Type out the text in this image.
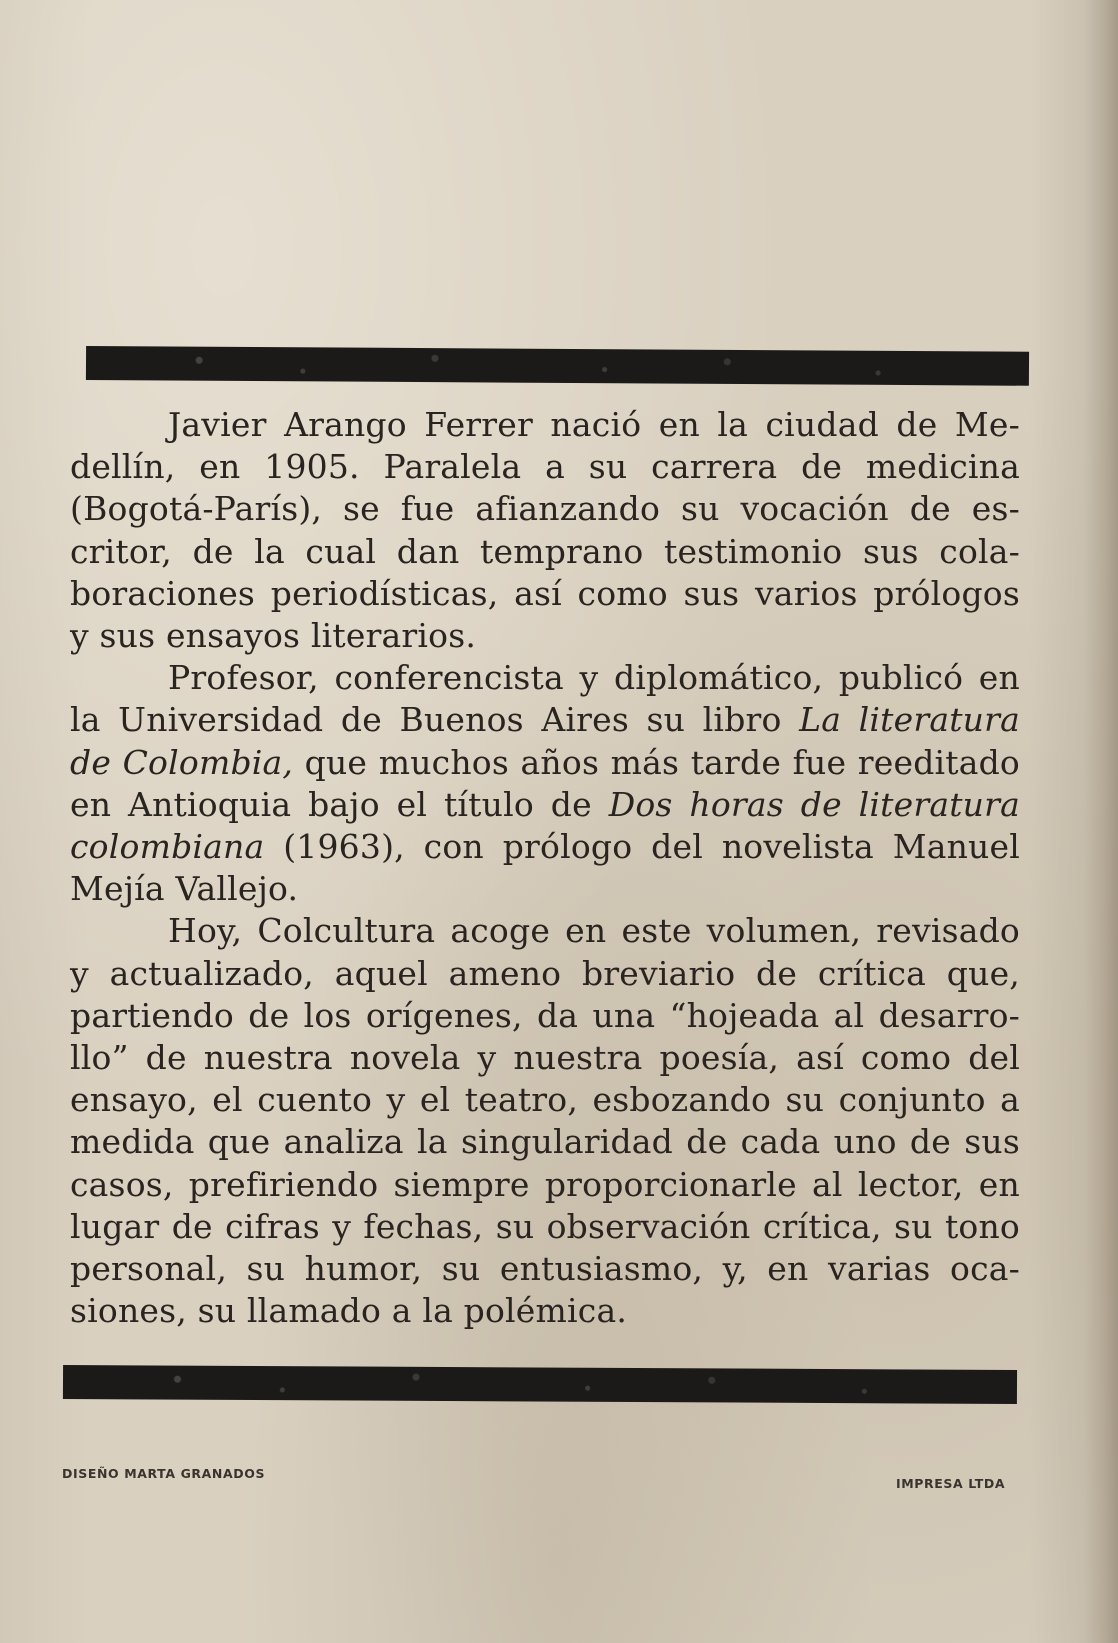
Javier Arango Ferrer nació en la ciudad de Me-
dellín, en 1905. Paralela a su carrera de medicina
(Bogotá-París), se fue afianzando su vocación de es-
critor, de la cual dan temprano testimonio sus cola-
boraciones periodísticas, así como sus varios prólogos
y sus ensayos literarios.

Profesor, conferencista y diplomático, publicó en
la Universidad de Buenos Aires su libro La literatura
de Colombia, que muchos años más tarde fue reeditado
en Antioquia bajo el título de Dos horas de literatura
colombiana (1963), con prólogo del novelista Manuel
Mejía Vallejo.

Hoy, Colcultura acoge en este volumen, revisado
y actualizado, aquel ameno breviario de crítica que,
partiendo de los orígenes, da una “hojeada al desarro-
llo” de nuestra novela y nuestra poesía, así como del
ensayo, el cuento y el teatro, esbozando su conjunto a
medida que analiza la singularidad de cada uno de sus
casos, prefiriendo siempre proporcionarle al lector, en
lugar de cifras y fechas, su observación crítica, su tono
personal, su humor, su entusiasmo, y, en varias oca-
siones, su llamado a la polémica.

DISEÑO MARTA GRANADOS
IMPRESA LTDA
